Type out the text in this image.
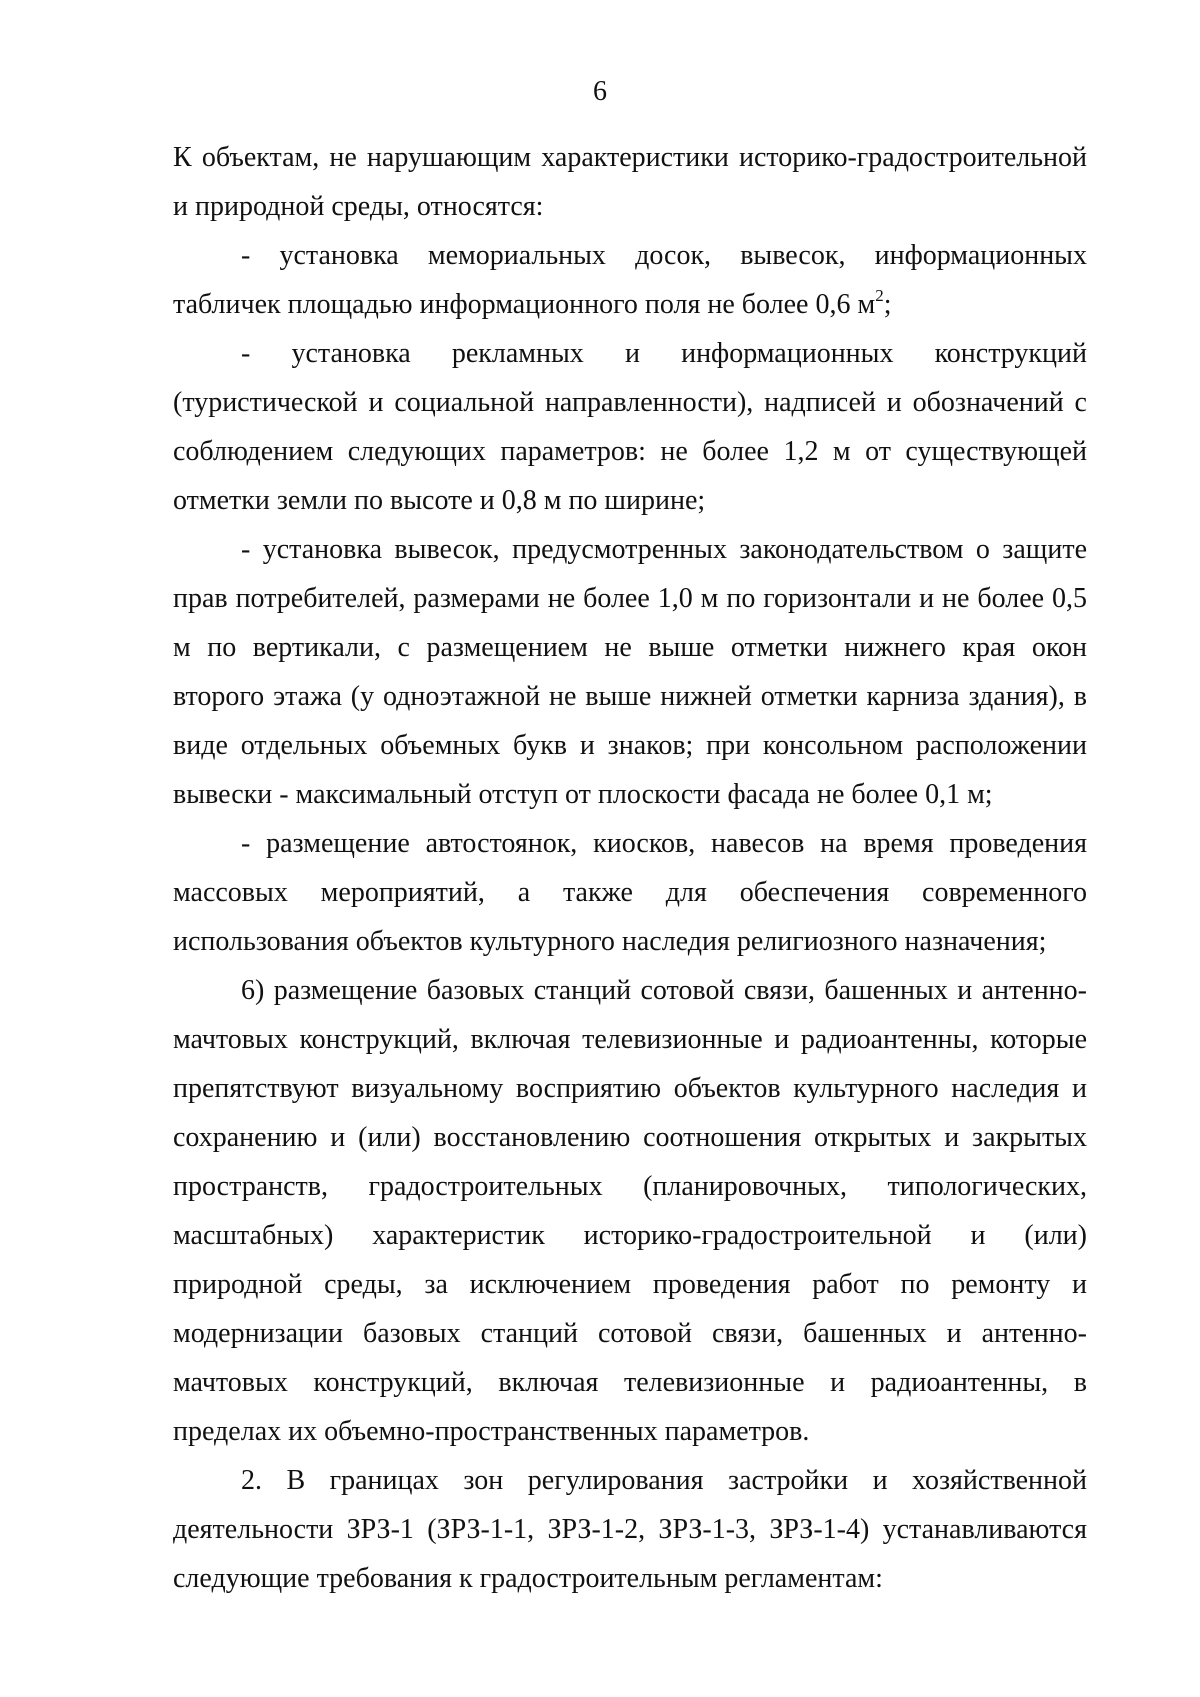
6

К объектам, не нарушающим характеристики историко-градостроительной и природной среды, относятся:

- установка мемориальных досок, вывесок, информационных табличек площадью информационного поля не более 0,6 $м^2$;

- установка рекламных и информационных конструкций (туристической и социальной направленности), надписей и обозначений с соблюдением следующих параметров: не более 1,2 м от существующей отметки земли по высоте и 0,8 м по ширине;

- установка вывесок, предусмотренных законодательством о защите прав потребителей, размерами не более 1,0 м по горизонтали и не более 0,5 м по вертикали, с размещением не выше отметки нижнего края окон второго этажа (у одноэтажной не выше нижней отметки карниза здания), в виде отдельных объемных букв и знаков; при консольном расположении вывески - максимальный отступ от плоскости фасада не более 0,1 м;

- размещение автостоянок, киосков, навесов на время проведения массовых мероприятий, а также для обеспечения современного использования объектов культурного наследия религиозного назначения;

6) размещение базовых станций сотовой связи, башенных и антенно-мачтовых конструкций, включая телевизионные и радиоантенны, которые препятствуют визуальному восприятию объектов культурного наследия и сохранению и (или) восстановлению соотношения открытых и закрытых пространств, градостроительных (планировочных, типологических, масштабных) характеристик историко-градостроительной и (или) природной среды, за исключением проведения работ по ремонту и модернизации базовых станций сотовой связи, башенных и антенно-мачтовых конструкций, включая телевизионные и радиоантенны, в пределах их объемно-пространственных параметров.

2. В границах зон регулирования застройки и хозяйственной деятельности ЗРЗ-1 (ЗРЗ-1-1, ЗРЗ-1-2, ЗРЗ-1-3, ЗРЗ-1-4) устанавливаются следующие требования к градостроительным регламентам:
